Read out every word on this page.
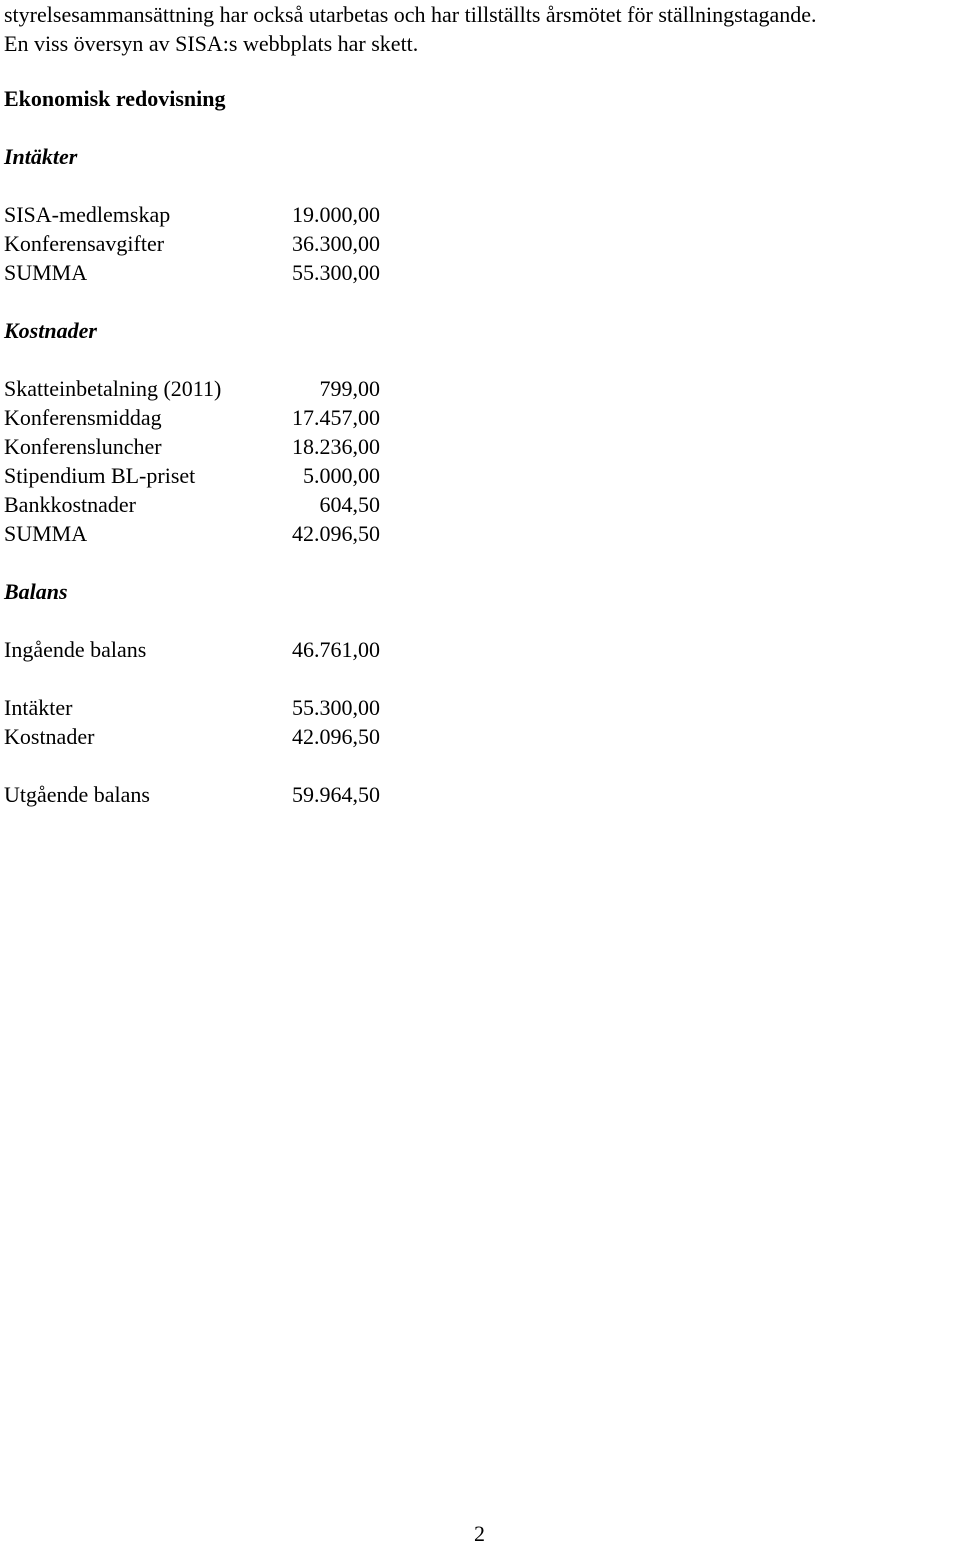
styrelsesammansättning har också utarbetas och har tillställts årsmötet för ställningstagande.
En viss översyn av SISA:s webbplats har skett.
Ekonomisk redovisning
Intäkter
SISA-medlemskap	19.000,00
Konferensavgifter	36.300,00
SUMMA	55.300,00
Kostnader
Skatteinbetalning (2011)	799,00
Konferensmiddag	17.457,00
Konferensluncher	18.236,00
Stipendium BL-priset	5.000,00
Bankkostnader	604,50
SUMMA	42.096,50
Balans
Ingående balans	46.761,00
Intäkter	55.300,00
Kostnader	42.096,50
Utgående balans	59.964,50
2
